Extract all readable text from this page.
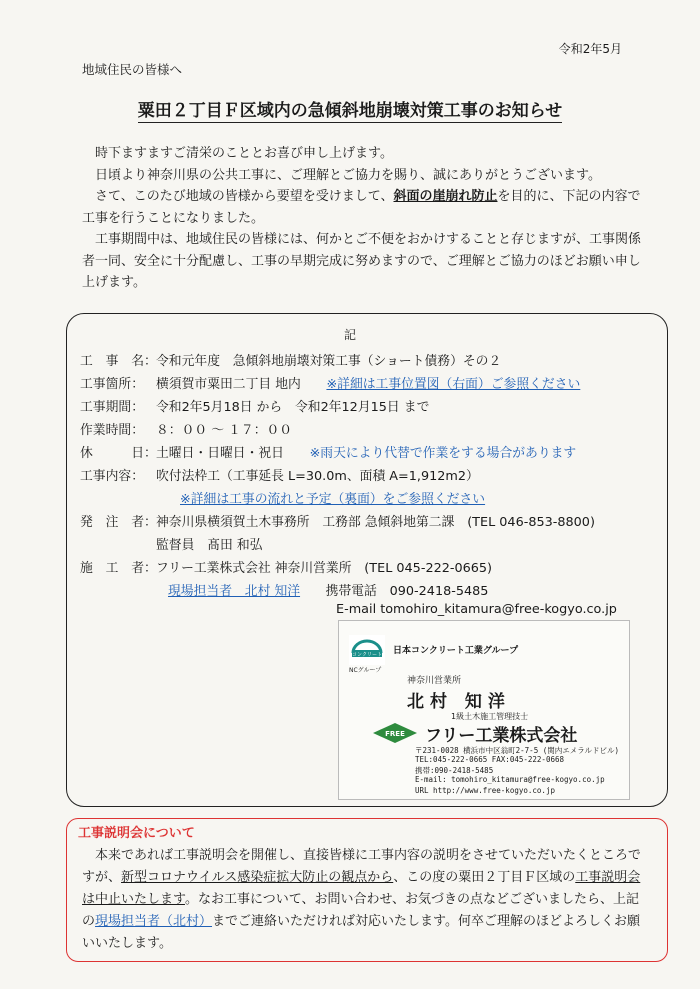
令和2年5月
地域住民の皆様へ
粟田２丁目Ｆ区域内の急傾斜地崩壊対策工事のお知らせ

　時下ますますご清栄のこととお喜び申し上げます。

　日頃より神奈川県の公共工事に、ご理解とご協力を賜り、誠にありがとうございます。

　さて、このたび地域の皆様から要望を受けまして、斜面の崖崩れ防止を目的に、下記の内容で工事を行うことになりました。

　工事期間中は、地域住民の皆様には、何かとご不便をおかけすることと存じますが、工事関係者一同、安全に十分配慮し、工事の早期完成に努めますので、ご理解とご協力のほどお願い申し上げます。

記
工　事　名：令和元年度　急傾斜地崩壊対策工事（ショート債務）その２
工事箇所： 横須賀市粟田二丁目 地内　　 ※詳細は工事位置図（右面）ご参照ください
工事期間： 令和2年5月18日 から　令和2年12月15日 まで
作業時間： ８：００ 〜 １７：００
休　　　日：土曜日・日曜日・祝日　　 ※雨天により代替で作業をする場合があります
工事内容： 吹付法枠工（工事延長 L=30.0m、面積 A=1,912m2）
※詳細は工事の流れと予定（裏面）をご参照ください
発　注　者：神奈川県横須賀土木事務所　工務部 急傾斜地第二課　(TEL 046-853-8800)
監督員　髙田 和弘
施　工　者：フリー工業株式会社 神奈川営業所　(TEL 045-222-0665)
現場担当者　北村 知洋　　 携帯電話　090-2418-5485
E-mail tomohiro_kitamura@free-kogyo.co.jp
コンクリート
NCグループ
日本コンクリート工業グループ
神奈川営業所
北村 知洋
1級土木施工管理技士
FREE フリー工業株式会社
〒231-0028 横浜市中区翁町2-7-5 (関内エメラルドビル)
TEL:045-222-0665 FAX:045-222-0668
携帯:090-2418-5485
E-mail: tomohiro_kitamura@free-kogyo.co.jp
URL http://www.free-kogyo.co.jp
工事説明会について

　本来であれば工事説明会を開催し、直接皆様に工事内容の説明をさせていただいたくところですが、新型コロナウイルス感染症拡大防止の観点から、この度の粟田２丁目Ｆ区域の工事説明会は中止いたします。なお工事について、お問い合わせ、お気づきの点などございましたら、上記の現場担当者（北村）までご連絡いただければ対応いたします。何卒ご理解のほどよろしくお願いいたします。
